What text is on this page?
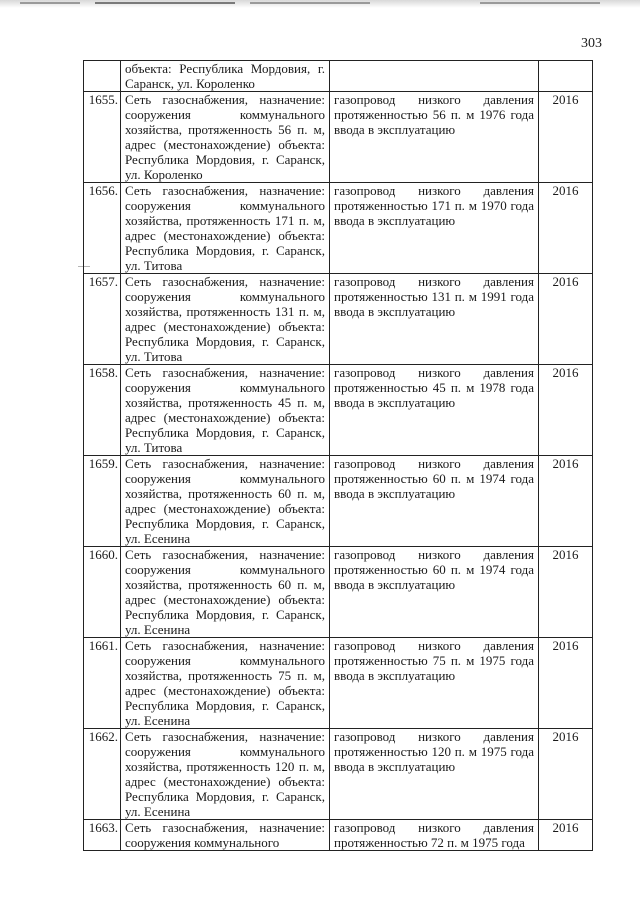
303
	объекта: Республика Мордовия, г. Саранск, ул. Короленко		
1655.	Сеть газоснабжения, назначение: сооружения коммунального хозяйства, протяженность 56 п. м, адрес (местонахождение) объекта: Республика Мордовия, г. Саранск, ул. Короленко	газопровод низкого давления протяженностью 56 п. м 1976 года ввода в эксплуатацию	2016
1656.	Сеть газоснабжения, назначение: сооружения коммунального хозяйства, протяженность 171 п. м, адрес (местонахождение) объекта: Республика Мордовия, г. Саранск, ул. Титова	газопровод низкого давления протяженностью 171 п. м 1970 года ввода в эксплуатацию	2016
1657.	Сеть газоснабжения, назначение: сооружения коммунального хозяйства, протяженность 131 п. м, адрес (местонахождение) объекта: Республика Мордовия, г. Саранск, ул. Титова	газопровод низкого давления протяженностью 131 п. м 1991 года ввода в эксплуатацию	2016
1658.	Сеть газоснабжения, назначение: сооружения коммунального хозяйства, протяженность 45 п. м, адрес (местонахождение) объекта: Республика Мордовия, г. Саранск, ул. Титова	газопровод низкого давления протяженностью 45 п. м 1978 года ввода в эксплуатацию	2016
1659.	Сеть газоснабжения, назначение: сооружения коммунального хозяйства, протяженность 60 п. м, адрес (местонахождение) объекта: Республика Мордовия, г. Саранск, ул. Есенина	газопровод низкого давления протяженностью 60 п. м 1974 года ввода в эксплуатацию	2016
1660.	Сеть газоснабжения, назначение: сооружения коммунального хозяйства, протяженность 60 п. м, адрес (местонахождение) объекта: Республика Мордовия, г. Саранск, ул. Есенина	газопровод низкого давления протяженностью 60 п. м 1974 года ввода в эксплуатацию	2016
1661.	Сеть газоснабжения, назначение: сооружения коммунального хозяйства, протяженность 75 п. м, адрес (местонахождение) объекта: Республика Мордовия, г. Саранск, ул. Есенина	газопровод низкого давления протяженностью 75 п. м 1975 года ввода в эксплуатацию	2016
1662.	Сеть газоснабжения, назначение: сооружения коммунального хозяйства, протяженность 120 п. м, адрес (местонахождение) объекта: Республика Мордовия, г. Саранск, ул. Есенина	газопровод низкого давления протяженностью 120 п. м 1975 года ввода в эксплуатацию	2016
1663.	Сеть газоснабжения, назначение: сооружения коммунального	газопровод низкого давления протяженностью 72 п. м 1975 года	2016
